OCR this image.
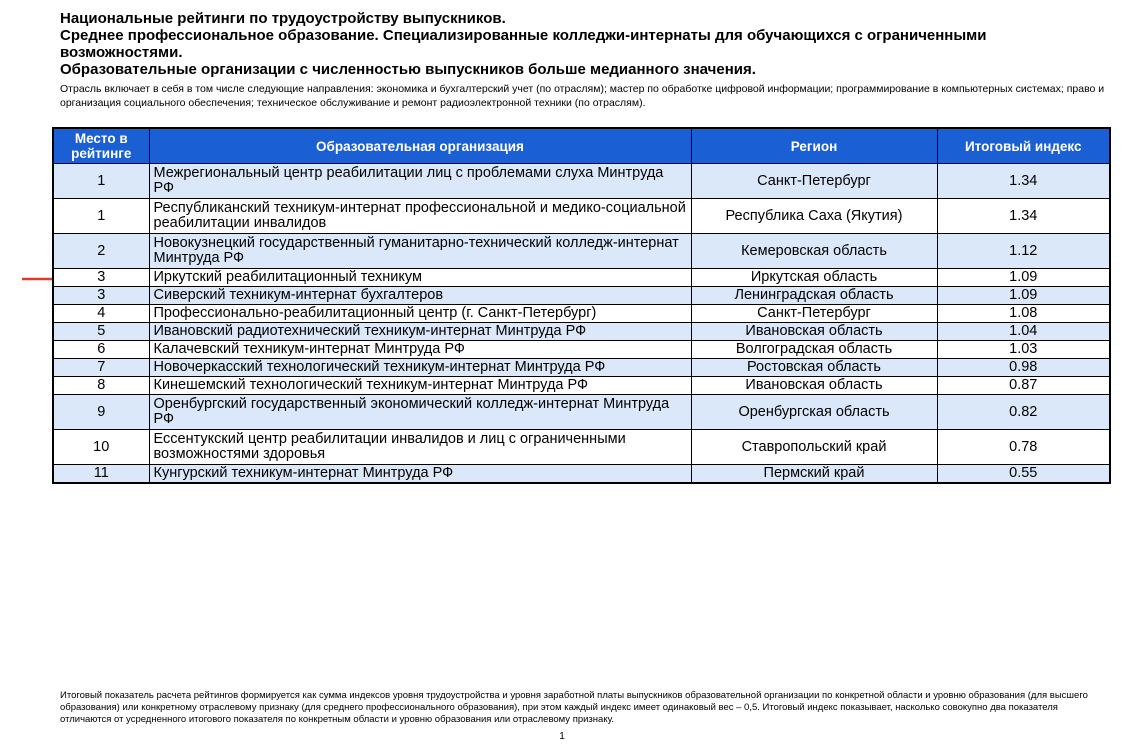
Национальные рейтинги по трудоустройству выпускников.
Среднее профессиональное образование. Специализированные колледжи-интернаты для обучающихся с ограниченными возможностями.
Образовательные организации с численностью выпускников больше медианного значения.
Отрасль включает в себя в том числе следующие направления: экономика и бухгалтерский учет (по отраслям); мастер по обработке цифровой информации; программирование в компьютерных системах; право и организация социального обеспечения; техническое обслуживание и ремонт радиоэлектронной техники (по отраслям).
Место в рейтинге	Образовательная организация	Регион	Итоговый индекс
1	Межрегиональный центр реабилитации лиц с проблемами слуха Минтруда РФ	Санкт-Петербург	1.34
1	Республиканский техникум-интернат профессиональной и медико-социальной реабилитации инвалидов	Республика Саха (Якутия)	1.34
2	Новокузнецкий государственный гуманитарно-технический колледж-интернат Минтруда РФ	Кемеровская область	1.12
3	Иркутский реабилитационный техникум	Иркутская область	1.09
3	Сиверский техникум-интернат бухгалтеров	Ленинградская область	1.09
4	Профессионально-реабилитационный центр (г. Санкт-Петербург)	Санкт-Петербург	1.08
5	Ивановский радиотехнический техникум-интернат Минтруда РФ	Ивановская область	1.04
6	Калачевский техникум-интернат Минтруда РФ	Волгоградская область	1.03
7	Новочеркасский технологический техникум-интернат Минтруда РФ	Ростовская область	0.98
8	Кинешемский технологический техникум-интернат Минтруда РФ	Ивановская область	0.87
9	Оренбургский государственный экономический колледж-интернат Минтруда РФ	Оренбургская область	0.82
10	Ессентукский центр реабилитации инвалидов и лиц с ограниченными возможностями здоровья	Ставропольский край	0.78
11	Кунгурский техникум-интернат Минтруда РФ	Пермский край	0.55
Итоговый показатель расчета рейтингов формируется как сумма индексов уровня трудоустройства и уровня заработной платы выпускников образовательной организации по конкретной области и уровню образования (для высшего образования) или конкретному отраслевому признаку (для среднего профессионального образования), при этом каждый индекс имеет одинаковый вес – 0,5. Итоговый индекс показывает, насколько совокупно два показателя отличаются от усредненного итогового показателя по конкретным области и уровню образования или отраслевому признаку.
1
